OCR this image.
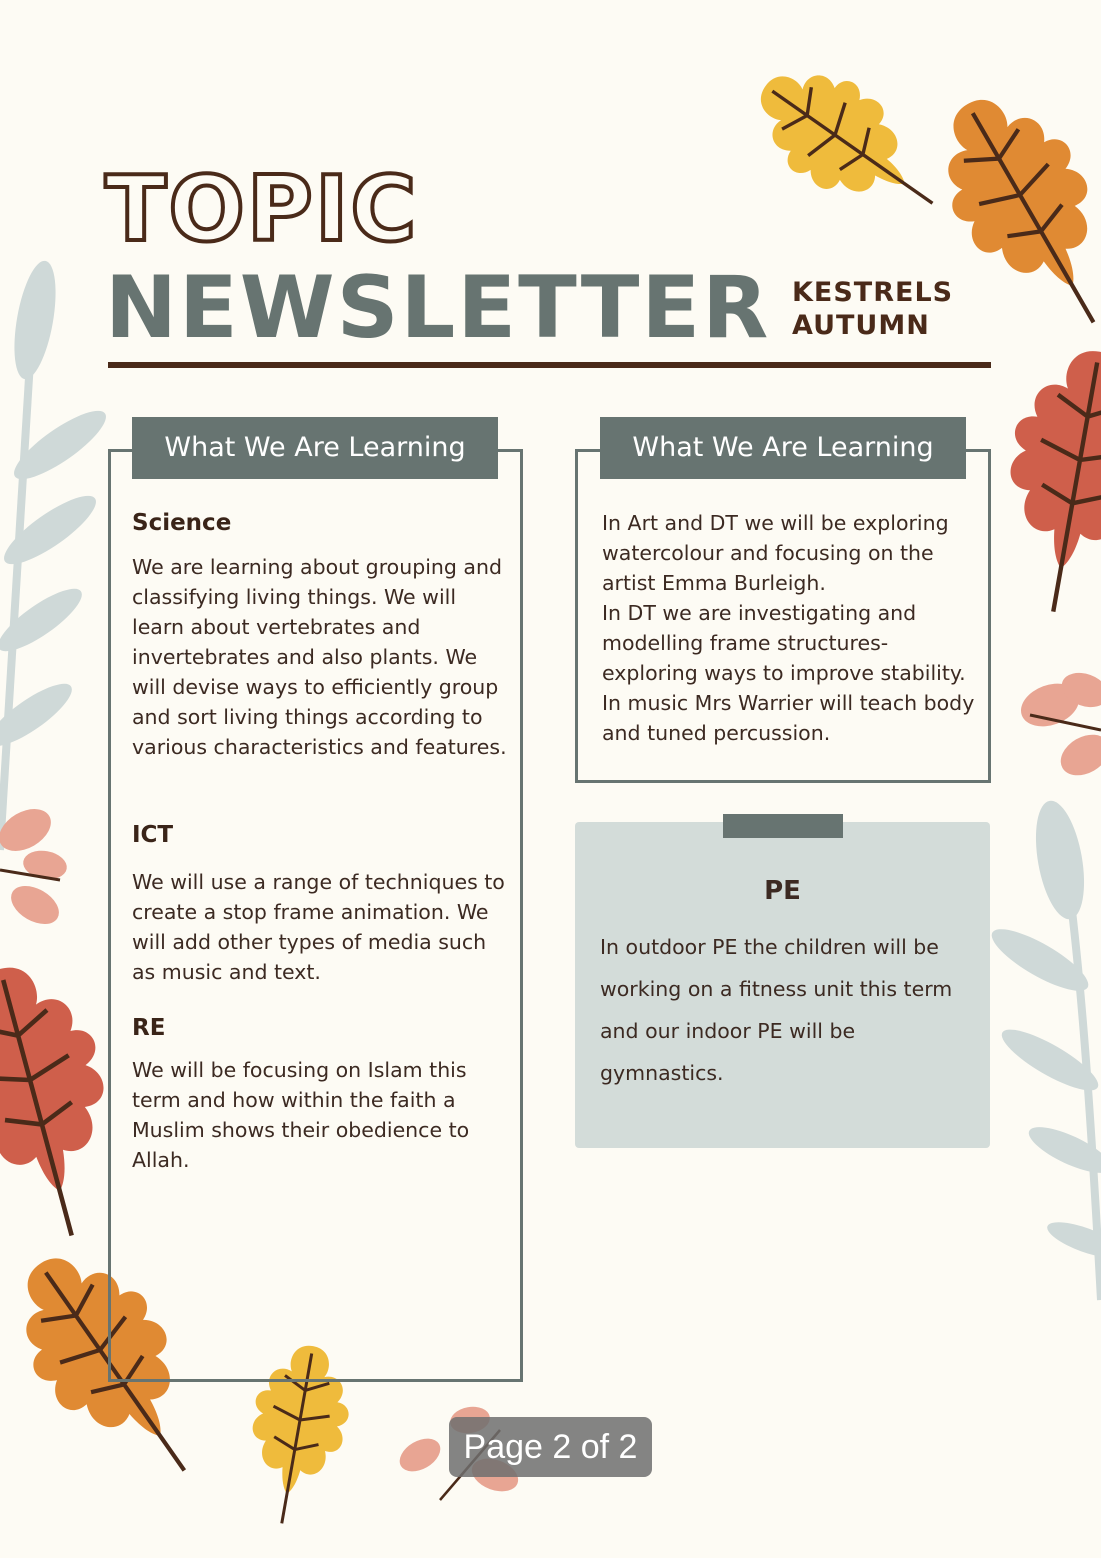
TOPIC
NEWSLETTER KESTRELS
AUTUMN
What We Are Learning
Science

We are learning about grouping and classifying living things. We will learn about vertebrates and invertebrates and also plants. We will devise ways to efficiently group and sort living things according to various characteristics and features.

ICT

We will use a range of techniques to create a stop frame animation. We will add other types of media such as music and text.

RE

We will be focusing on Islam this term and how within the faith a Muslim shows their obedience to Allah.

What We Are Learning
In Art and DT we will be exploring watercolour and focusing on the artist Emma Burleigh.
In DT we are investigating and modelling frame structures- exploring ways to improve stability.
In music Mrs Warrier will teach body and tuned percussion.
PE

In outdoor PE the children will be working on a fitness unit this term and our indoor PE will be gymnastics.

Page 2 of 2
